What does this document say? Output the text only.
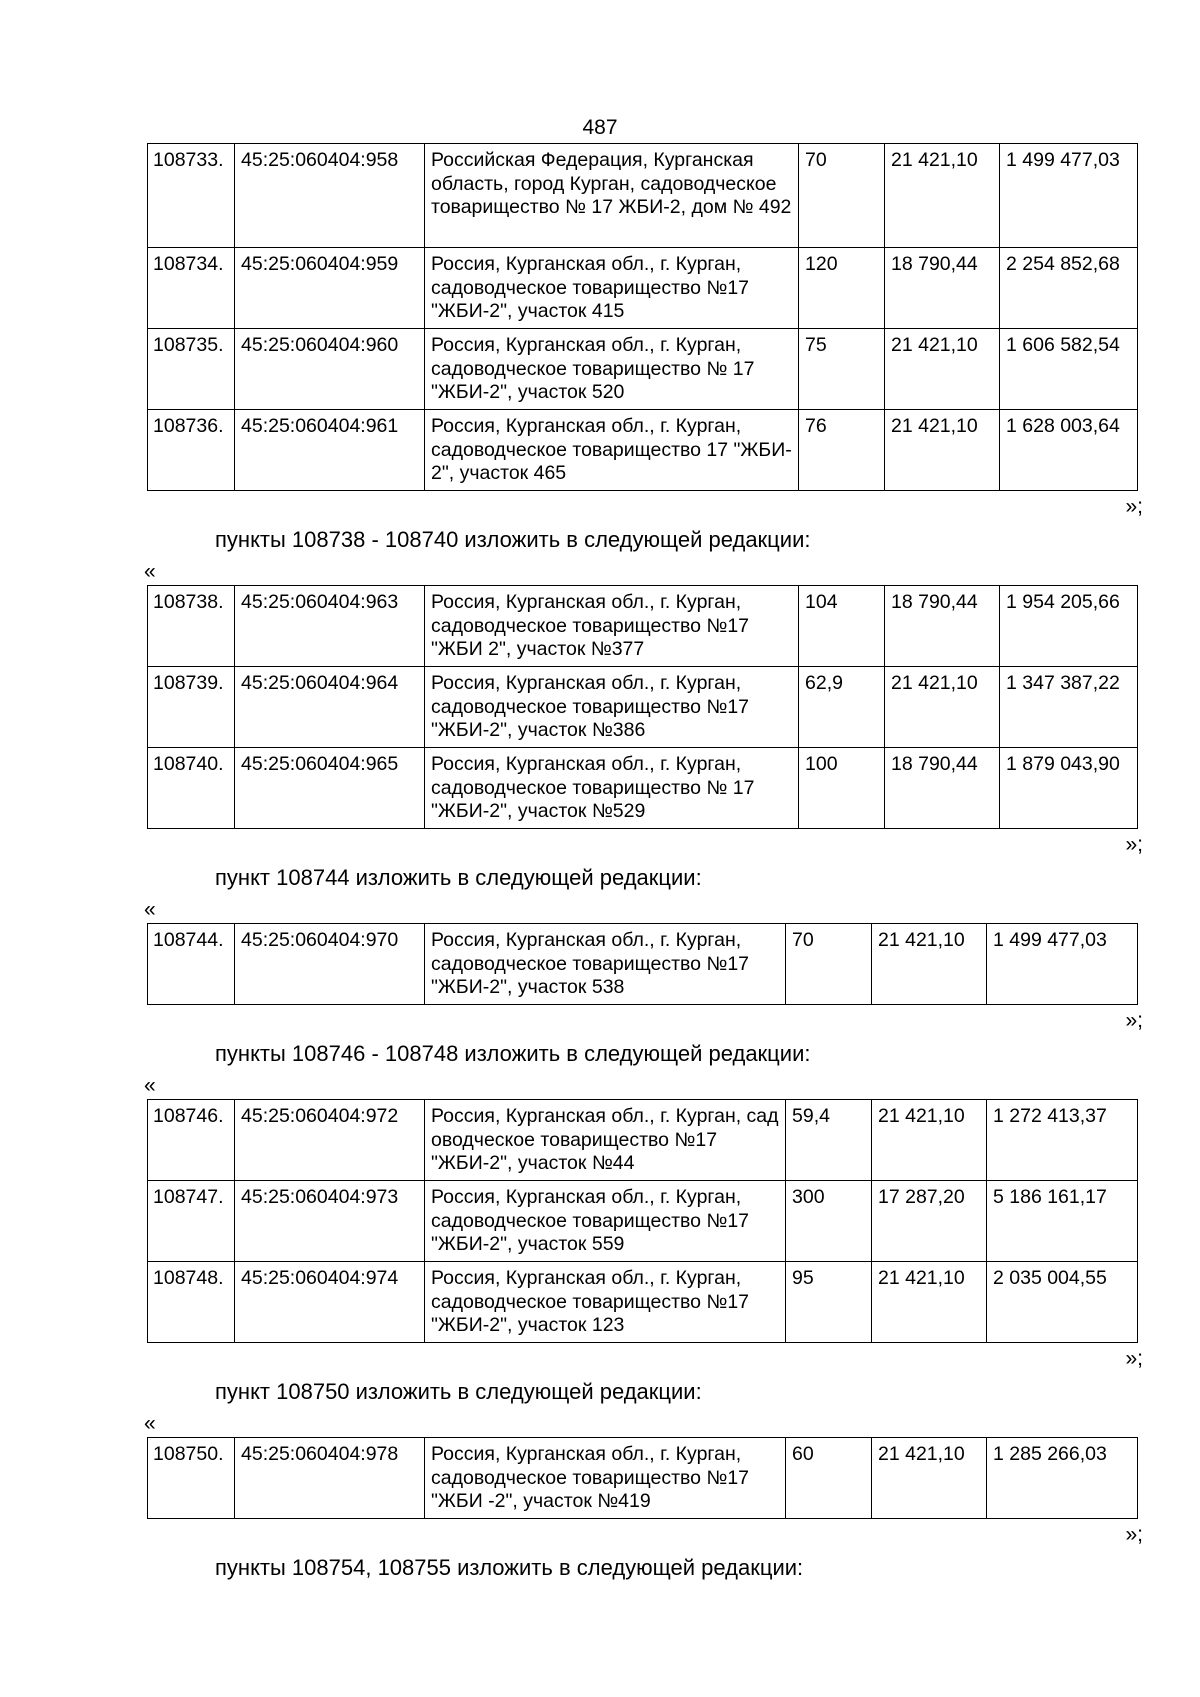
487
108733.	45:25:060404:958	Российская Федерация, Курганская область, город Курган, садоводческое товарищество № 17 ЖБИ-2, дом № 492	70	21 421,10	1 499 477,03
108734.	45:25:060404:959	Россия, Курганская обл., г. Курган, садоводческое товарищество №17 "ЖБИ-2", участок 415	120	18 790,44	2 254 852,68
108735.	45:25:060404:960	Россия, Курганская обл., г. Курган, садоводческое товарищество № 17 "ЖБИ-2", участок 520	75	21 421,10	1 606 582,54
108736.	45:25:060404:961	Россия, Курганская обл., г. Курган, садоводческое товарищество 17 "ЖБИ- 2", участок 465	76	21 421,10	1 628 003,64
»;
пункты 108738 - 108740 изложить в следующей редакции:
«
108738.	45:25:060404:963	Россия, Курганская обл., г. Курган, садоводческое товарищество №17 "ЖБИ 2", участок №377	104	18 790,44	1 954 205,66
108739.	45:25:060404:964	Россия, Курганская обл., г. Курган, садоводческое товарищество №17 "ЖБИ-2", участок №386	62,9	21 421,10	1 347 387,22
108740.	45:25:060404:965	Россия, Курганская обл., г. Курган, садоводческое товарищество № 17 "ЖБИ-2", участок №529	100	18 790,44	1 879 043,90
»;
пункт 108744 изложить в следующей редакции:
«
108744.	45:25:060404:970	Россия, Курганская обл., г. Курган, садоводческое товарищество №17 "ЖБИ-2", участок 538	70	21 421,10	1 499 477,03
»;
пункты 108746 - 108748 изложить в следующей редакции:
«
108746.	45:25:060404:972	Россия, Курганская обл., г. Курган, сад оводческое товарищество №17 "ЖБИ-2", участок №44	59,4	21 421,10	1 272 413,37
108747.	45:25:060404:973	Россия, Курганская обл., г. Курган, садоводческое товарищество №17 "ЖБИ-2", участок 559	300	17 287,20	5 186 161,17
108748.	45:25:060404:974	Россия, Курганская обл., г. Курган, садоводческое товарищество №17 "ЖБИ-2", участок 123	95	21 421,10	2 035 004,55
»;
пункт 108750 изложить в следующей редакции:
«
108750.	45:25:060404:978	Россия, Курганская обл., г. Курган, садоводческое товарищество №17 "ЖБИ -2", участок №419	60	21 421,10	1 285 266,03
»;
пункты 108754, 108755 изложить в следующей редакции:
